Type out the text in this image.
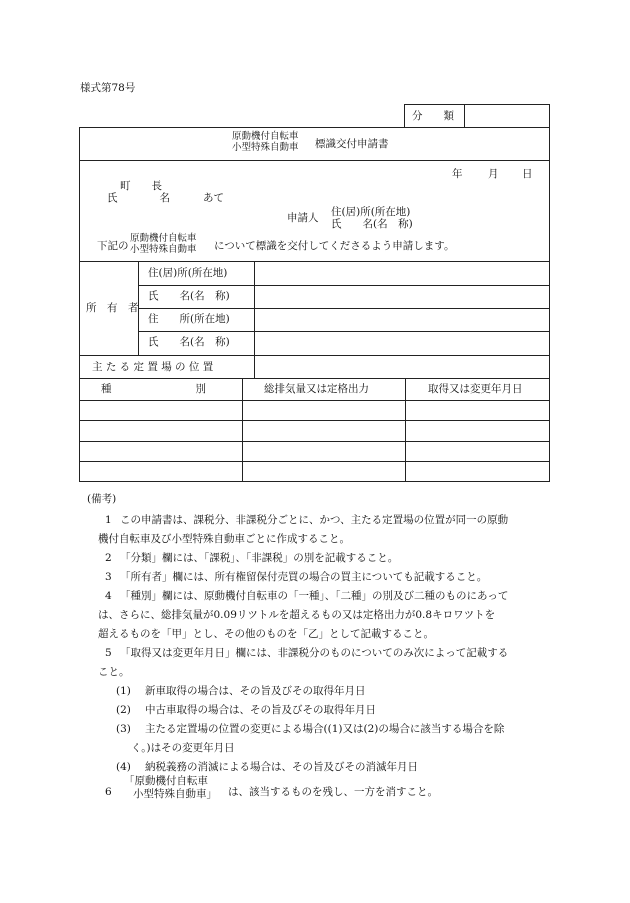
様式第78号
分　　類
原動機付自転車
小型特殊自動車 標識交付申請書
年 月 日
町　　長
氏　　　　名	あて
申請人 住(居)所(所在地)
氏　　名(名　称)
下記の
原動機付自転車
小型特殊自動車 について標識を交付してくださるよう申請します。
所　有　者
住(居)所(所在地)
氏　　名(名　称)
住　　所(所在地)
氏　　名(名　称)
主 た る 定 置 場 の 位 置
種　　　　　　　　別	総排気量又は定格出力	取得又は変更年月日
(備考)
1 この申請書は、課税分、非課税分ごとに、かつ、主たる定置場の位置が同一の原動
機付自転車及び小型特殊自動車ごとに作成すること。
2 「分類」欄には、「課税」、「非課税」の別を記載すること。
3 「所有者」欄には、所有権留保付売買の場合の買主についても記載すること。
4 「種別」欄には、原動機付自転車の「一種」、「二種」の別及び二種のものにあって
は、さらに、総排気量が0.09リツトルを超えるもの又は定格出力が0.8キロワツトを
超えるものを「甲」とし、その他のものを「乙」として記載すること。
5 「取得又は変更年月日」欄には、非課税分のものについてのみ次によって記載する
こと。
(1) 新車取得の場合は、その旨及びその取得年月日
(2) 中古車取得の場合は、その旨及びその取得年月日
(3) 主たる定置場の位置の変更による場合((1)又は(2)の場合に該当する場合を除
く。)はその変更年月日
(4) 納税義務の消滅による場合は、その旨及びその消滅年月日
6
「原動機付自転車
小型特殊自動車」 は、該当するものを残し、一方を消すこと。
